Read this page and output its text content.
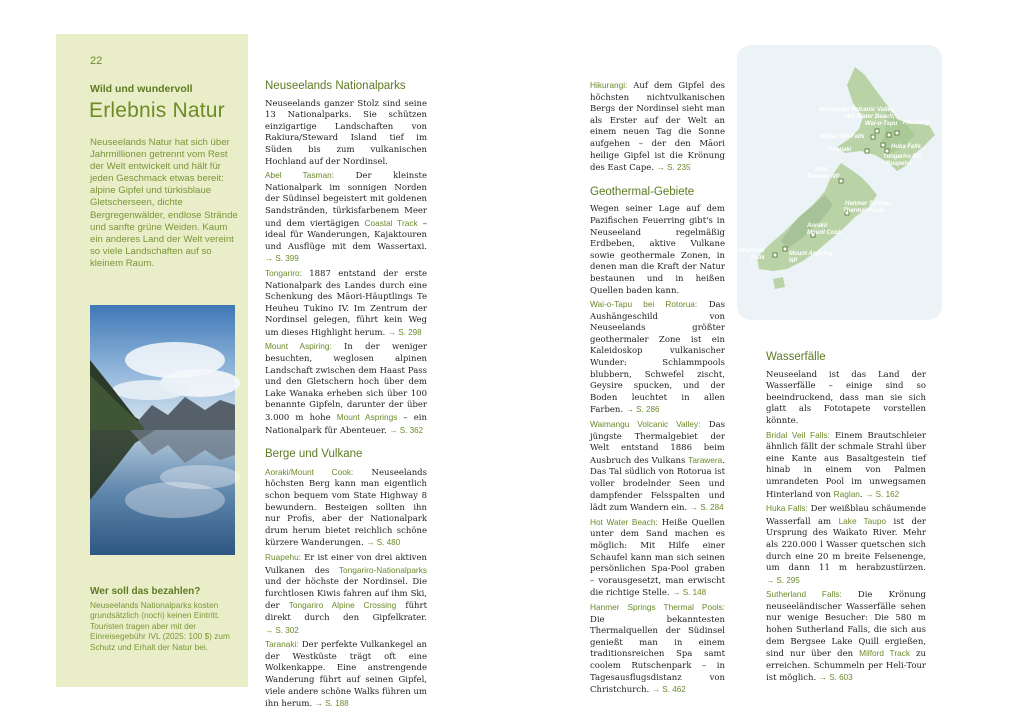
22
Wild und wundervoll
Erlebnis Natur
Neuseelands Natur hat sich über Jahrmillionen getrennt vom Rest der Welt entwickelt und hält für jeden Geschmack etwas bereit: alpine Gipfel und türkisblaue Gletscherseen, dichte Bergregenwälder, endlose Strände und sanfte grüne Weiden. Kaum ein anderes Land der Welt vereint so viele Landschaften auf so kleinem Raum.
Wer soll das bezahlen?
Neuseelands Nationalparks kosten grundsätzlich (noch) keinen Eintritt. Touristen tragen aber mit der Einreisegebühr IVL (2025: 100 $) zum Schutz und Erhalt der Natur bei.
Neuseelands Nationalparks

Neuseelands ganzer Stolz sind seine 13 Nationalparks. Sie schützen einzigartige Landschaften von Rakiura/Steward Island tief im Süden bis zum vulkanischen Hochland auf der Nordinsel.

Abel Tasman: Der kleinste Nationalpark im sonnigen Norden der Südinsel begeistert mit goldenen Sandstränden, türkisfarbenem Meer und dem viertägigen Coastal Track – ideal für Wanderungen, Kajaktouren und Ausflüge mit dem Wassertaxi. → S. 399

Tongariro: 1887 entstand der erste Nationalpark des Landes durch eine Schenkung des Māori-Häuptlings Te Heuheu Tukino IV. Im Zentrum der Nordinsel gelegen, führt kein Weg um dieses Highlight herum. → S. 298

Mount Aspiring: In der weniger besuchten, weglosen alpinen Landschaft zwischen dem Haast Pass und den Gletschern hoch über dem Lake Wanaka erheben sich über 100 benannte Gipfeln, darunter der über 3.000 m hohe Mount Asprings – ein Nationalpark für Abenteuer. → S. 362

Berge und Vulkane

Aoraki/Mount Cook: Neuseelands höchsten Berg kann man eigentlich schon bequem vom State Highway 8 bewundern. Besteigen sollten ihn nur Profis, aber der Nationalpark drum herum bietet reichlich schöne kürzere Wanderungen. → S. 480

Ruapehu: Er ist einer von drei aktiven Vulkanen des Tongariro-Nationalparks und der höchste der Nordinsel. Die furchtlosen Kiwis fahren auf ihm Ski, der Tongariro Alpine Crossing führt direkt durch den Gipfelkrater. → S. 302

Taranaki: Der perfekte Vulkankegel an der Westküste trägt oft eine Wolkenkappe. Eine anstrengende Wanderung führt auf seinen Gipfel, viele andere schöne Walks führen um ihn herum. → S. 188

Hikurangi: Auf dem Gipfel des höchsten nichtvulkanischen Bergs der Nordinsel sieht man als Erster auf der Welt an einem neuen Tag die Sonne aufgehen – der den Māori heilige Gipfel ist die Krönung des East Cape. → S. 235

Geothermal-Gebiete

Wegen seiner Lage auf dem Pazifischen Feuerring gibt's in Neuseeland regelmäßig Erdbeben, aktive Vulkane sowie geothermale Zonen, in denen man die Kraft der Natur bestaunen und in heißen Quellen baden kann.

Wai-o-Tapu bei Rotorua: Das Aushängeschild von Neuseelands größter geothermaler Zone ist ein Kaleidoskop vulkanischer Wunder: Schlammpools blubbern, Schwefel zischt, Geysire spucken, und der Boden leuchtet in allen Farben. → S. 286

Waimangu Volcanic Valley: Das jüngste Thermalgebiet der Welt entstand 1886 beim Ausbruch des Vulkans Tarawera. Das Tal südlich von Rotorua ist voller brodelnder Seen und dampfender Felsspalten und lädt zum Wandern ein. → S. 284

Hot Water Beach: Heiße Quellen unter dem Sand machen es möglich: Mit Hilfe einer Schaufel kann man sich seinen persönlichen Spa-Pool graben – vorausgesetzt, man erwischt die richtige Stelle. → S. 148

Hanmer Springs Thermal Pools: Die bekanntesten Thermalquellen der Südinsel genießt man in einem traditionsreichen Spa samt coolem Rutschenpark – in Tagesausflugsdistanz von Christchurch. → S. 462

Hikurangi
Waimangu Volcanic Valley,
Hot Water Beach,
Wai-o-Tapu
Bridal Veil Falls
Huka Falls
Taranaki
Tongariro NP,
Ruapehu
Abel
Tasman NP
Hanmer Springs
Thermal Pools
Aoraki/
Mount Cook
Sutherland
Falls
Mount Aspiring
NP
Wasserfälle

Neuseeland ist das Land der Wasserfälle – einige sind so beeindruckend, dass man sie sich glatt als Fototapete vorstellen könnte.

Bridal Veil Falls: Einem Brautschleier ähnlich fällt der schmale Strahl über eine Kante aus Basaltgestein tief hinab in einem von Palmen umrandeten Pool im unwegsamen Hinterland von Raglan. → S. 162

Huka Falls: Der weißblau schäumende Wasserfall am Lake Taupo ist der Ursprung des Waikato River. Mehr als 220.000 l Wasser quetschen sich durch eine 20 m breite Felsenenge, um dann 11 m herabzustürzen. → S. 295

Sutherland Falls: Die Krönung neuseeländischer Wasserfälle sehen nur wenige Besucher: Die 580 m hohen Sutherland Falls, die sich aus dem Bergsee Lake Quill ergießen, sind nur über den Milford Track zu erreichen. Schummeln per Heli-Tour ist möglich. → S. 603
